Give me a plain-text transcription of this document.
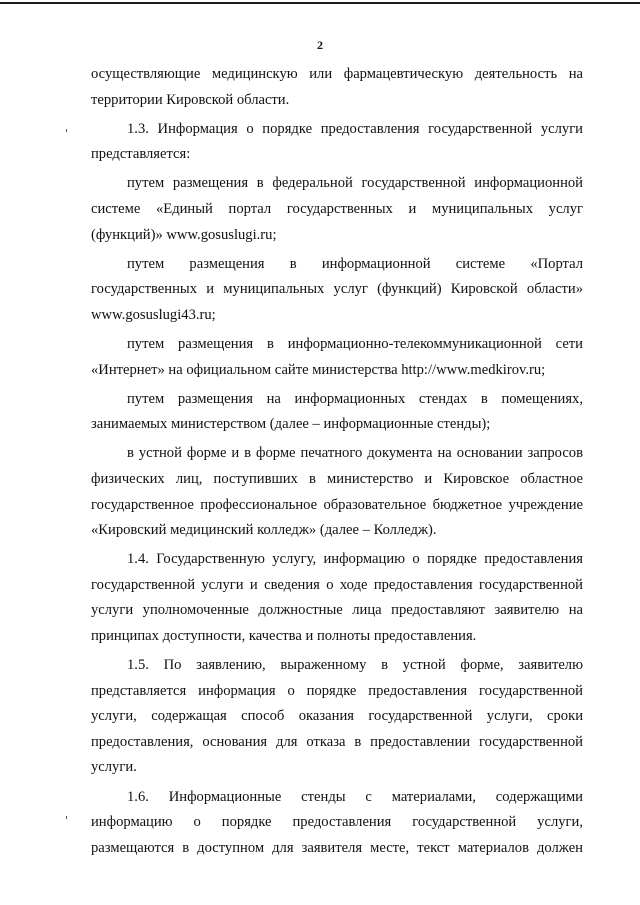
2
осуществляющие медицинскую или фармацевтическую деятельность на
территории Кировской области.
1.3. Информация о порядке предоставления государственной услуги
представляется:
путем размещения в федеральной государственной информационной
системе «Единый портал государственных и муниципальных услуг
(функций)» www.gosuslugi.ru;
путем размещения в информационной системе «Портал
государственных и муниципальных услуг (функций) Кировской области»
www.gosuslugi43.ru;
путем размещения в информационно-телекоммуникационной сети
«Интернет» на официальном сайте министерства http://www.medkirov.ru;
путем размещения на информационных стендах в помещениях,
занимаемых министерством (далее – информационные стенды);
в устной форме и в форме печатного документа на основании запросов
физических лиц, поступивших в министерство и Кировское областное
государственное профессиональное образовательное бюджетное учреждение
«Кировский медицинский колледж» (далее – Колледж).
1.4. Государственную услугу, информацию о порядке предоставления
государственной услуги и сведения о ходе предоставления государственной
услуги уполномоченные должностные лица предоставляют заявителю на
принципах доступности, качества и полноты предоставления.
1.5. По заявлению, выраженному в устной форме, заявителю
представляется информация о порядке предоставления государственной
услуги, содержащая способ оказания государственной услуги, сроки
предоставления, основания для отказа в предоставлении государственной
услуги.
1.6. Информационные стенды с материалами, содержащими
информацию о порядке предоставления государственной услуги,
размещаются в доступном для заявителя месте, текст материалов должен
